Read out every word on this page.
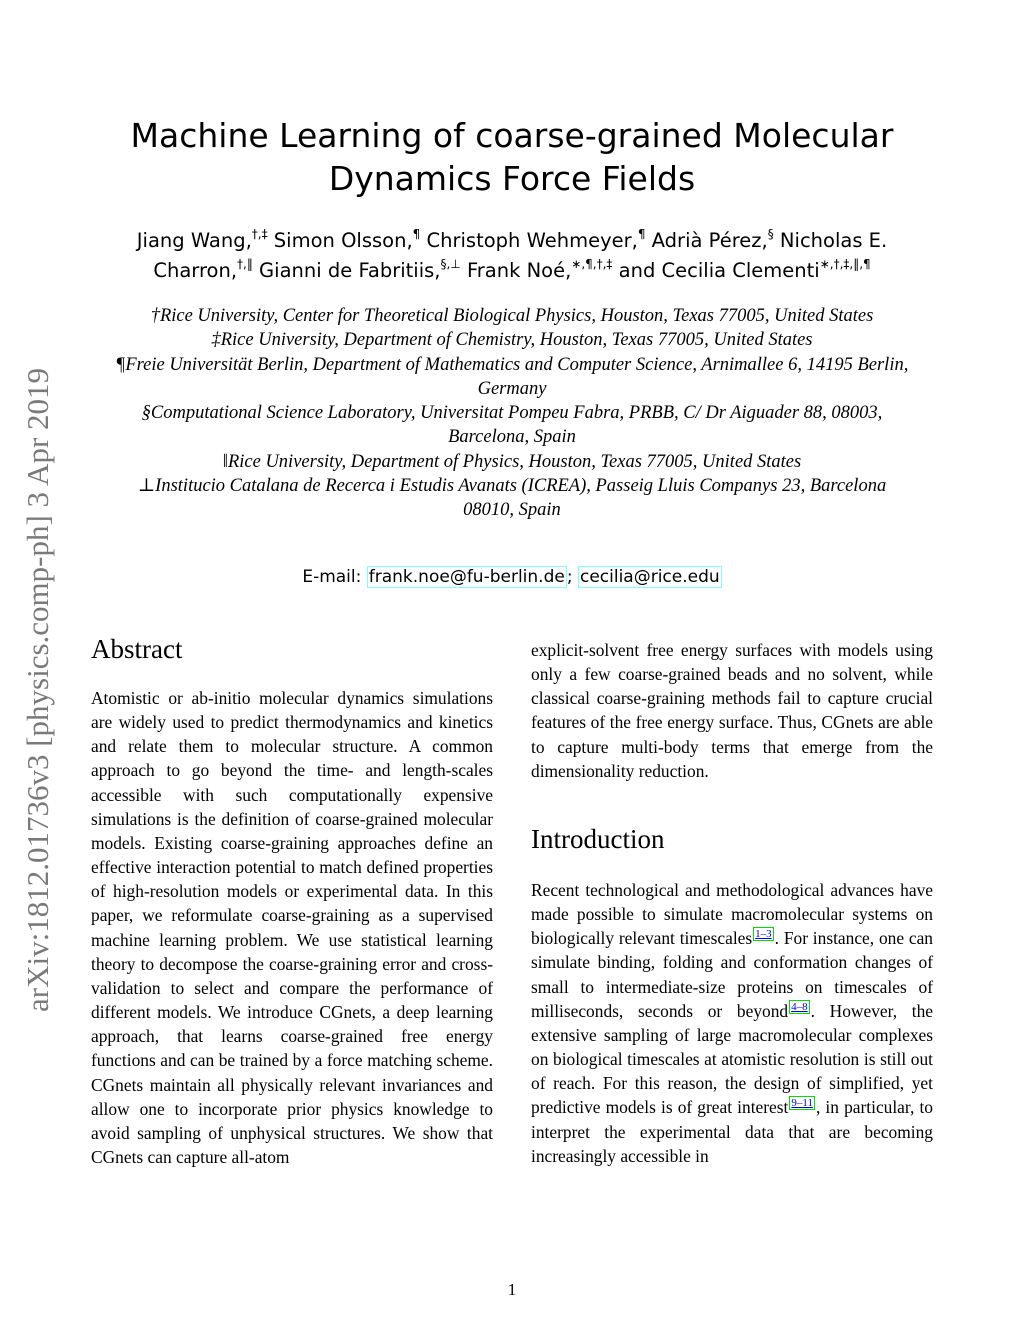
Machine Learning of coarse-grained Molecular Dynamics Force Fields
Jiang Wang,†,‡ Simon Olsson,¶ Christoph Wehmeyer,¶ Adrià Pérez,§ Nicholas E.
Charron,†,‖ Gianni de Fabritiis,§,⊥ Frank Noé,∗,¶,†,‡ and Cecilia Clementi∗,†,‡,‖,¶
†Rice University, Center for Theoretical Biological Physics, Houston, Texas 77005, United States
‡Rice University, Department of Chemistry, Houston, Texas 77005, United States
¶Freie Universität Berlin, Department of Mathematics and Computer Science, Arnimallee 6, 14195 Berlin, Germany
§Computational Science Laboratory, Universitat Pompeu Fabra, PRBB, C/ Dr Aiguader 88, 08003, Barcelona, Spain
‖Rice University, Department of Physics, Houston, Texas 77005, United States
⊥Institucio Catalana de Recerca i Estudis Avanats (ICREA), Passeig Lluis Companys 23, Barcelona 08010, Spain
E-mail: frank.noe@fu-berlin.de ; cecilia@rice.edu
arXiv:1812.01736v3 [physics.comp-ph] 3 Apr 2019	Abstract

Atomistic or ab-initio molecular dynamics simulations are widely used to predict thermodynamics and kinetics and relate them to molecular structure. A common approach to go beyond the time- and length-scales accessible with such computationally expensive simulations is the definition of coarse-grained molecular models. Existing coarse-graining approaches define an effective interaction potential to match defined properties of high-resolution models or experimental data. In this paper, we reformulate coarse-graining as a supervised machine learning problem. We use statistical learning theory to decompose the coarse-graining error and cross-validation to select and compare the performance of different models. We introduce CGnets, a deep learning approach, that learns coarse-grained free energy functions and can be trained by a force matching scheme. CGnets maintain all physically relevant invariances and allow one to incorporate prior physics knowledge to avoid sampling of unphysical structures. We show that CGnets can capture all-atom

explicit-solvent free energy surfaces with models using only a few coarse-grained beads and no solvent, while classical coarse-graining methods fail to capture crucial features of the free energy surface. Thus, CGnets are able to capture multi-body terms that emerge from the dimensionality reduction.

Introduction

Recent technological and methodological advances have made possible to simulate macromolecular systems on biologically relevant timescales $^{1-3}$ . For instance, one can simulate binding, folding and conformation changes of small to intermediate-size proteins on timescales of milliseconds, seconds or beyond $^{4-8}$ . However, the extensive sampling of large macromolecular complexes on biological timescales at atomistic resolution is still out of reach. For this reason, the design of simplified, yet predictive models is of great interest $^{9-11}$ , in particular, to interpret the experimental data that are becoming increasingly accessible in

1
